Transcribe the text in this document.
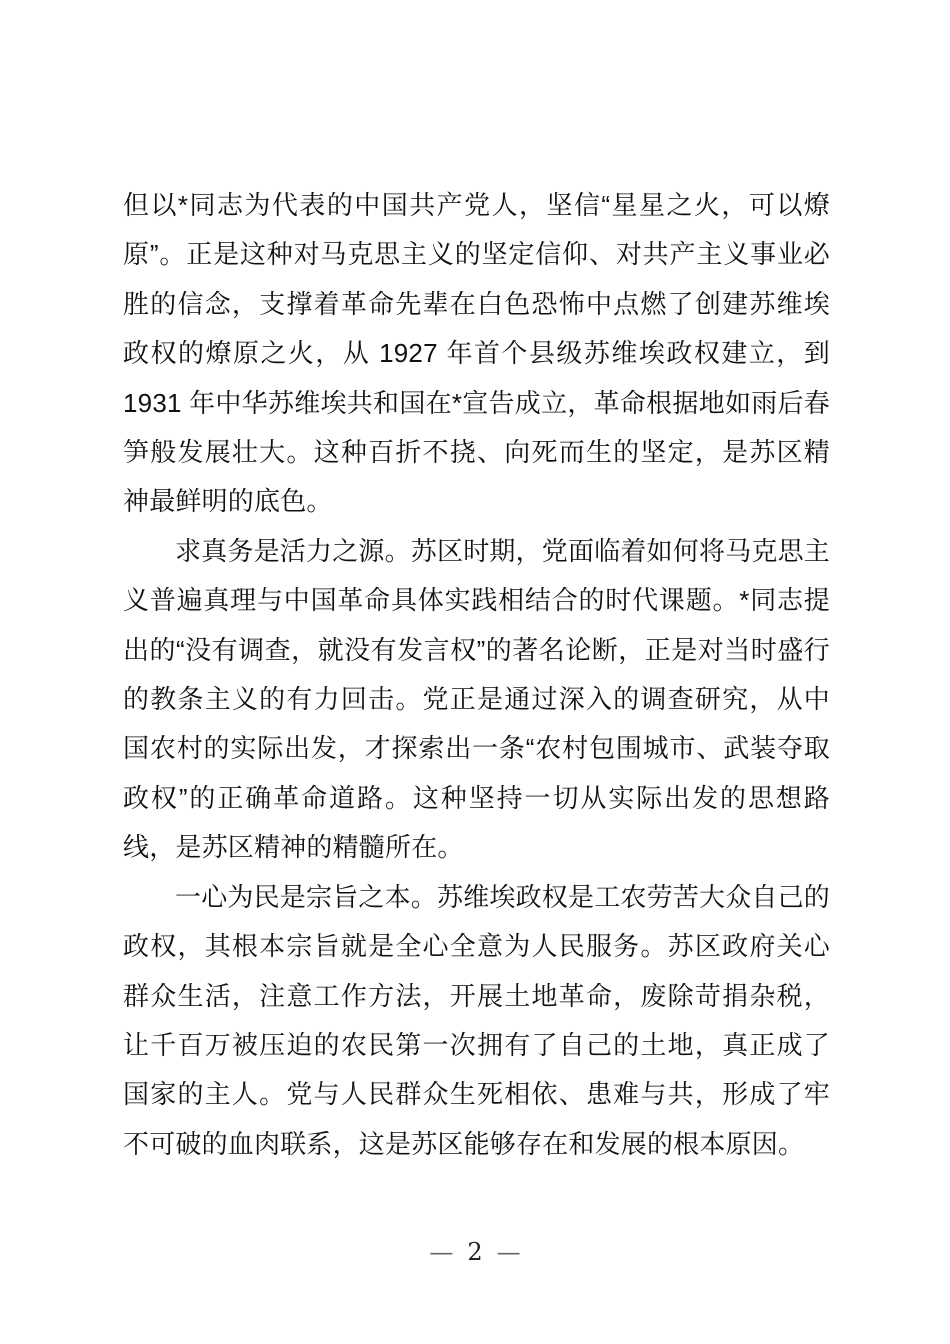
但以*同志为代表的中国共产党人，坚信“星星之火，可以燎原”。正是这种对马克思主义的坚定信仰、对共产主义事业必胜的信念，支撑着革命先辈在白色恐怖中点燃了创建苏维埃政权的燎原之火，从 1927 年首个县级苏维埃政权建立，到 1931 年中华苏维埃共和国在*宣告成立，革命根据地如雨后春笋般发展壮大。这种百折不挠、向死而生的坚定，是苏区精神最鲜明的底色。

求真务是活力之源。苏区时期，党面临着如何将马克思主义普遍真理与中国革命具体实践相结合的时代课题。*同志提出的“没有调查，就没有发言权”的著名论断，正是对当时盛行的教条主义的有力回击。党正是通过深入的调查研究，从中国农村的实际出发，才探索出一条“农村包围城市、武装夺取政权”的正确革命道路。这种坚持一切从实际出发的思想路线，是苏区精神的精髓所在。

一心为民是宗旨之本。苏维埃政权是工农劳苦大众自己的政权，其根本宗旨就是全心全意为人民服务。苏区政府关心群众生活，注意工作方法，开展土地革命，废除苛捐杂税，让千百万被压迫的农民第一次拥有了自己的土地，真正成了国家的主人。党与人民群众生死相依、患难与共，形成了牢不可破的血肉联系，这是苏区能够存在和发展的根本原因。

— 2 —
